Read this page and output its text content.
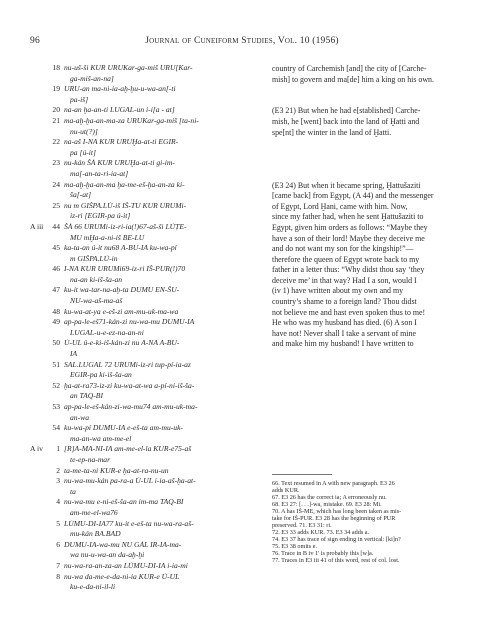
96	Journal of Cuneiform Studies, Vol. 10 (1956)
18 nu-uš-ši KUR URUKar-ga-miš URU[Kar-
ga-miš-an-na]
19 URU-an ma-ni-ia-aḫ-ḫu-u-wa-an[-ti
pa-iš]
20 na-an ḫa-an-ti LUGAL-un i-i[a - at]
21 ma-aḫ-ḫa-an-ma-za URUKar-ga-miš [ta-ni-
nu-ut(?)]
22 na-aš I-NA KUR URUḪa-at-ti EGIR-
pa [ú-it]
23 nu-kán ŠÀ KUR URUḪa-at-ti gi-im-
ma[-an-ta-ri-ia-at]
24 ma-aḫ-ḫa-an-ma ḫa-me-eš-ḫa-an-za ki-
ša[-at]
25 nu m GIŠPA.LÚ-iš IŠ-TU KUR URUMi-
iz-ri [EGIR-pa ú-it]
A iii	44 ŠÀ 66 URUMi-iz-ri-ia(!)67-aš-ši LÚṬE-
MU mḪa-a-ni-iš BE-LU
45 ka-ta-an ú-it nu68 A-BU-IA ku-wa-pí
m GIŠPA.LÚ-in
46 I-NA KUR URUMi69-iz-ri IŠ-PUR(!)70
na-an ki-iš-ša-an
47 ku-it wa-tar-na-aḫ-ta DUMU EN-ŠU-
NU-wa-aš-ma-aš
48 ku-wa-at-ya e-eš-zi am-mu-uk-ma-wa
49 ap-pa-le-eš71-kán-zi nu-wa-mu DUMU-IA
LUGAL-u-e-ez-na-an-ni
50 Ú-UL ú-e-ki-iš-kán-zi nu A-NA A-BU-
IA
51 SAL.LUGAL 72 URUMi-iz-ri tup-pí-ia-az
EGIR-pa ki-iš-ša-an
52 ḫa-at-ra73-iz-zi ku-wa-at-wa a-pí-ni-iš-ša-
an TAQ-BI
53 ap-pa-le-eš-kán-zi-wa-mu74 am-mu-uk-ma-
an-wa
54 ku-wa-pí DUMU-IA e-eš-ta am-mu-uk-
ma-an-wa am-me-el
A iv	1 [R]A-MA-NI-IA am-me-el-la KUR-e75-aš
te-ep-na-mar
2 ta-me-ta-ni KUR-e ḫa-at-ra-nu-un
3 nu-wa-mu-kán pa-ra-a Ú-UL i-ia-aš-ḫa-at-
ta
4 nu-wa-mu e-ni-eš-ša-an im-ma TAQ-BI
am-me-el-wa76
5 LÚMU-DI-IA77 ku-it e-eš-ta nu-wa-ra-aš-
mu-kán BA.BAD
6 DUMU-IA-wa-mu NU GÁL IR-IA-ma-
wa nu-u-wa-an da-aḫ-ḫi
7 nu-wa-ra-an-za-an LÚMU-DI-IA i-ia-mi
8 nu-wa da-me-e-da-ni-ia KUR-e Ú-UL
ku-e-da-ni-il-li
country of Carchemish [and] the city of [Carche-
mish] to govern and ma[de] him a king on his own.
(E3 21) But when he had e[stablished] Carche-
mish, he [went] back into the land of Ḫatti and
spe[nt] the winter in the land of Ḫatti.
(E3 24) But when it became spring, Ḫattušaziti
[came back] from Egypt, (A 44) and the messenger
of Egypt, Lord Ḫani, came with him. Now,
since my father had, when he sent Ḫattušaziti to
Egypt, given him orders as follows: “Maybe they
have a son of their lord! Maybe they deceive me
and do not want my son for the kingship!”—
therefore the queen of Egypt wrote back to my
father in a letter thus: “Why didst thou say ‘they
deceive me’ in that way? Had I a son, would I
(iv 1) have written about my own and my
country’s shame to a foreign land? Thou didst
not believe me and hast even spoken thus to me!
He who was my husband has died. (6) A son I
have not! Never shall I take a servant of mine
and make him my husband! I have written to
66. Text resumed in A with new paragraph. E3 26
adds KUR.
67. E3 26 has the correct ia; A erroneously nu.
68. E3 27: [. . .]-wa, mistake. 69. E3 28: Mi.
70. A has IŠ-ME, which has long been taken as mis-
take for IŠ-PUR. E3 28 has the beginning of PUR
preserved. 71. E3 31: ri.
72. E3 33 adds KUR. 73. E3 34 adds a.
74. E3 37 has trace of sign ending in vertical: [ki]n?
75. E3 38 omits e.
76. Trace in B iv 1' is probably this [w]a.
77. Traces in E3 iii 41 of this word, rest of col. lost.
